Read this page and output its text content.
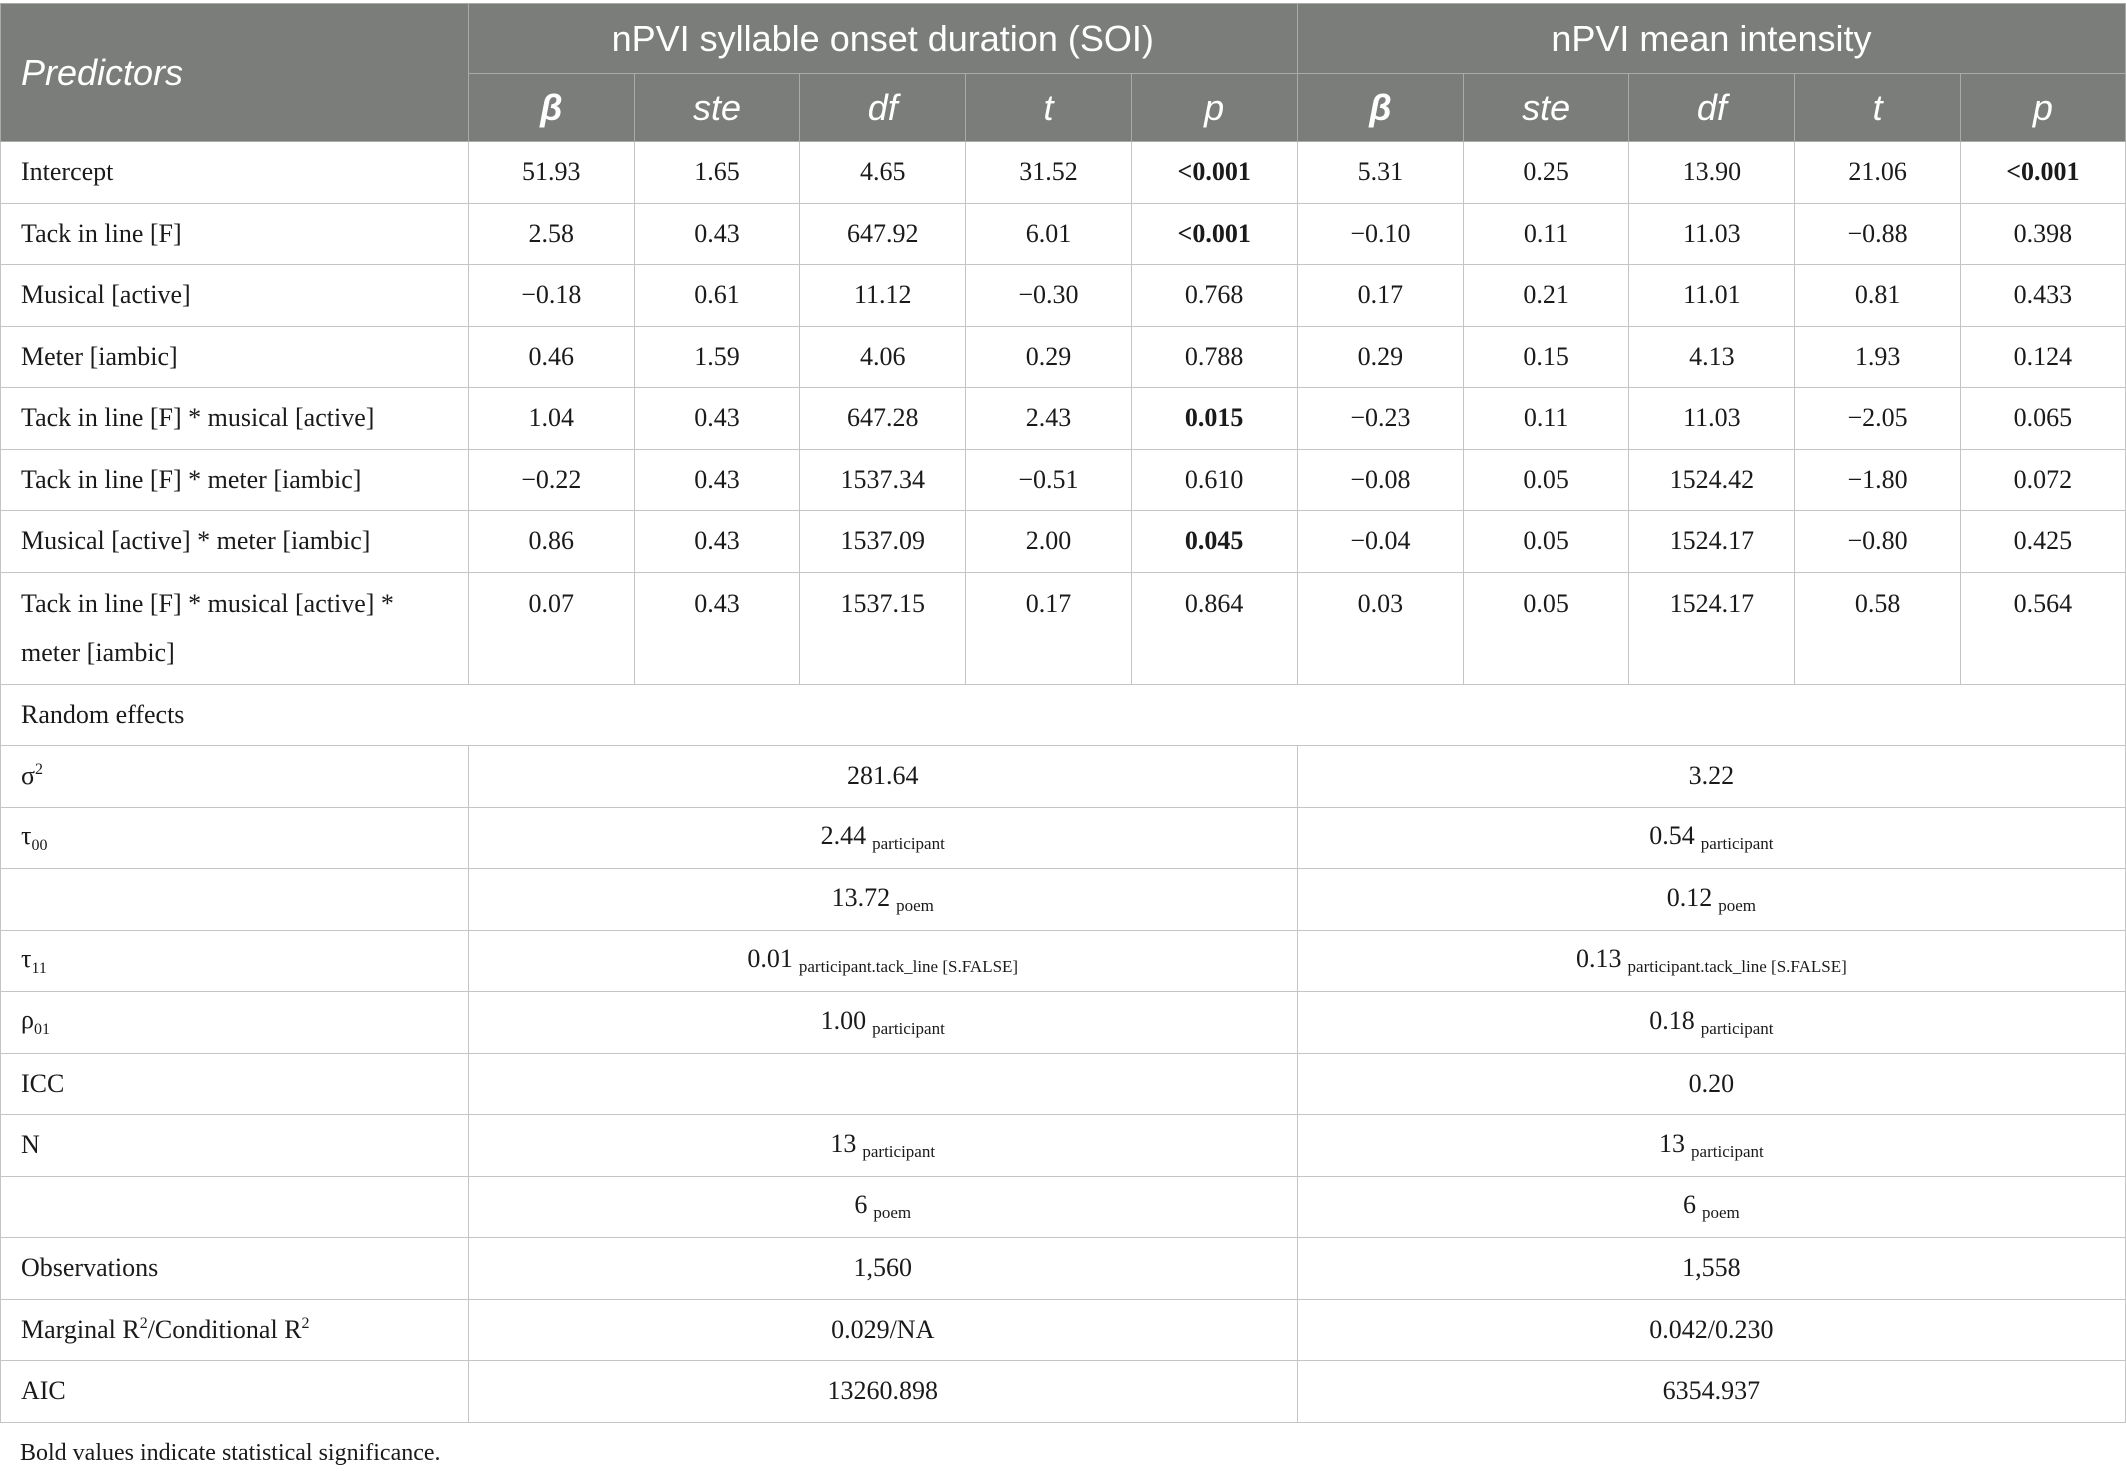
Predictors	nPVI syllable onset duration (SOI)					nPVI mean intensity				
	β	ste	df	t	p	β	ste	df	t	p
Intercept	51.93	1.65	4.65	31.52	<0.001	5.31	0.25	13.90	21.06	<0.001
Tack in line [F]	2.58	0.43	647.92	6.01	<0.001	−0.10	0.11	11.03	−0.88	0.398
Musical [active]	−0.18	0.61	11.12	−0.30	0.768	0.17	0.21	11.01	0.81	0.433
Meter [iambic]	0.46	1.59	4.06	0.29	0.788	0.29	0.15	4.13	1.93	0.124
Tack in line [F] * musical [active]	1.04	0.43	647.28	2.43	0.015	−0.23	0.11	11.03	−2.05	0.065
Tack in line [F] * meter [iambic]	−0.22	0.43	1537.34	−0.51	0.610	−0.08	0.05	1524.42	−1.80	0.072
Musical [active] * meter [iambic]	0.86	0.43	1537.09	2.00	0.045	−0.04	0.05	1524.17	−0.80	0.425
Tack in line [F] * musical [active] *
meter [iambic]	0.07	0.43	1537.15	0.17	0.864	0.03	0.05	1524.17	0.58	0.564
Random effects										
$\sigma^2$	281.64					3.22				
$\tau_{00}$	2.44 $_{participant}$					0.54 $_{participant}$
	13.72 $_{poem}$					0.12 $_{poem}$
$\tau_{11}$	0.01 $_{participant.tack\_line [S.FALSE]}$					0.13 $_{participant.tack\_line [S.FALSE]}$
$\rho_{01}$	1.00 $_{participant}$					0.18 $_{participant}$
ICC						0.20				
N	13 $_{participant}$					13 $_{participant}$
	6 $_{poem}$					6 $_{poem}$
Observations	1,560					1,558				
Marginal $R^2$/Conditional $R^2$	0.029/NA					0.042/0.230				
AIC	13260.898					6354.937				
Bold values indicate statistical significance.
